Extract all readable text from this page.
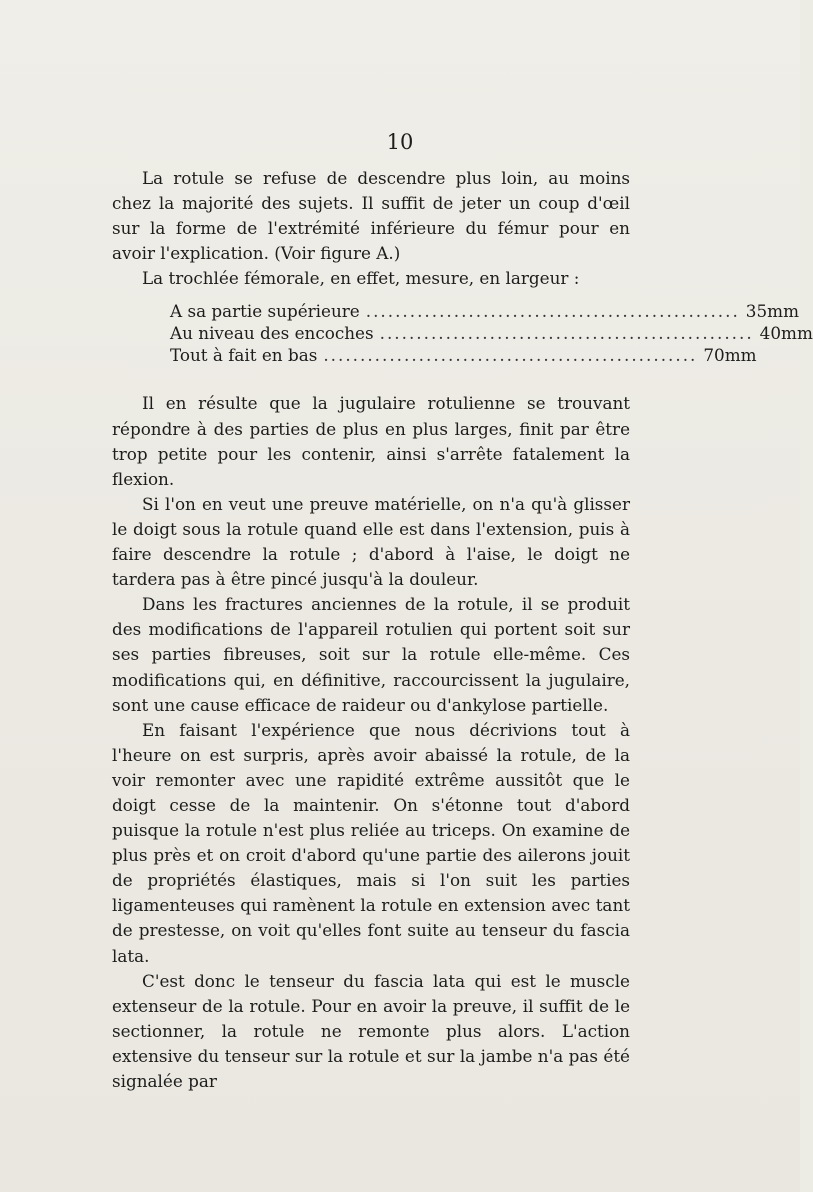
10

La rotule se refuse de descendre plus loin, au moins chez la majorité des sujets. Il suffit de jeter un coup d'œil sur la forme de l'extrémité inférieure du fémur pour en avoir l'explication. (Voir figure A.)

La trochlée fémorale, en effet, mesure, en largeur :

A sa partie supérieure ................................................... 35mm
Au niveau des encoches ................................................... 40mm
Tout à fait en bas ................................................... 70mm

Il en résulte que la jugulaire rotulienne se trouvant répondre à des parties de plus en plus larges, finit par être trop petite pour les contenir, ainsi s'arrête fatalement la flexion.

Si l'on en veut une preuve matérielle, on n'a qu'à glisser le doigt sous la rotule quand elle est dans l'extension, puis à faire descendre la rotule ; d'abord à l'aise, le doigt ne tardera pas à être pincé jusqu'à la douleur.

Dans les fractures anciennes de la rotule, il se produit des modifications de l'appareil rotulien qui portent soit sur ses parties fibreuses, soit sur la rotule elle-même. Ces modifications qui, en définitive, raccourcissent la jugulaire, sont une cause efficace de raideur ou d'ankylose partielle.

En faisant l'expérience que nous décrivions tout à l'heure on est surpris, après avoir abaissé la rotule, de la voir remonter avec une rapidité extrême aussitôt que le doigt cesse de la maintenir. On s'étonne tout d'abord puisque la rotule n'est plus reliée au triceps. On examine de plus près et on croit d'abord qu'une partie des ailerons jouit de propriétés élastiques, mais si l'on suit les parties ligamenteuses qui ramènent la rotule en extension avec tant de prestesse, on voit qu'elles font suite au tenseur du fascia lata.

C'est donc le tenseur du fascia lata qui est le muscle extenseur de la rotule. Pour en avoir la preuve, il suffit de le sectionner, la rotule ne remonte plus alors. L'action extensive du tenseur sur la rotule et sur la jambe n'a pas été signalée par
